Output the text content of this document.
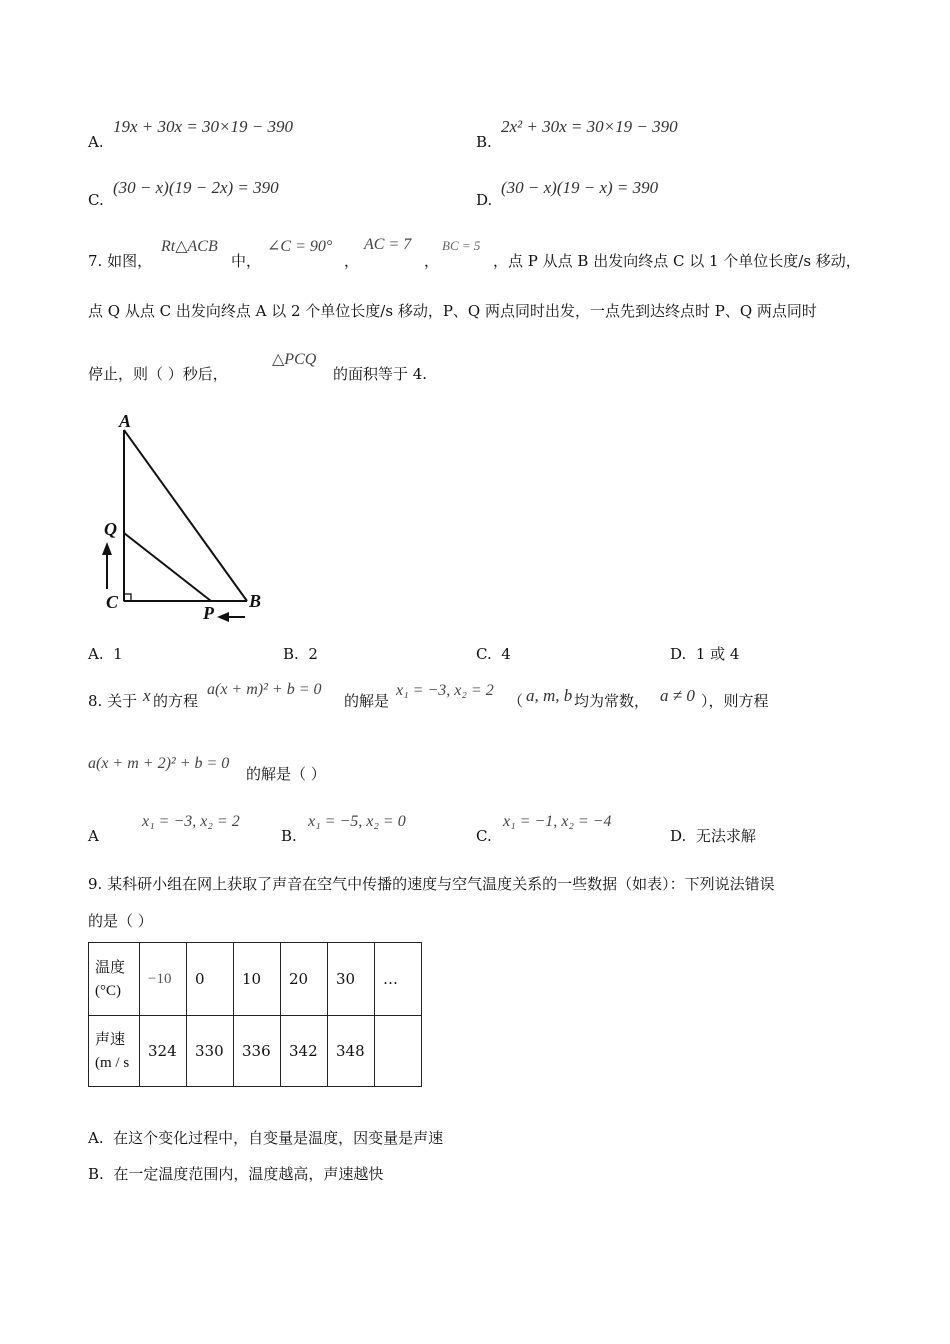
A.
19x + 30x = 30×19 − 390
B.
2x² + 30x = 30×19 − 390
C.
(30 − x)(19 − 2x) = 390
D.
(30 − x)(19 − x) = 390
7. 如图，
Rt△ACB
中，
∠C = 90°
，
AC = 7
，
BC = 5
，点 P 从点 B 出发向终点 C 以 1 个单位长度/s 移动，
点 Q 从点 C 出发向终点 A 以 2 个单位长度/s 移动，P、Q 两点同时出发，一点先到达终点时 P、Q 两点同时
停止，则（ ）秒后，
△PCQ
的面积等于 4.
A
Q
C
P
B
A. 1	B. 2	C. 4	D. 1 或 4
8. 关于 x 的方程
a(x + m)² + b = 0
的解是
x₁ = −3, x₂ = 2
（ a, m, b 均为常数， a ≠ 0 ），则方程
a(x + m + 2)² + b = 0
的解是（ ）
A
x₁ = −3, x₂ = 2
B.
x₁ = −5, x₂ = 0
C.
x₁ = −1, x₂ = −4
D. 无法求解
9. 某科研小组在网上获取了声音在空气中传播的速度与空气温度关系的一些数据（如表）：下列说法错误
的是（ ）
温度
(°C)	−10	0	10	20	30	…

声速
(m / s	324	330	336	342	348	
A. 在这个变化过程中，自变量是温度，因变量是声速
B. 在一定温度范围内，温度越高，声速越快
